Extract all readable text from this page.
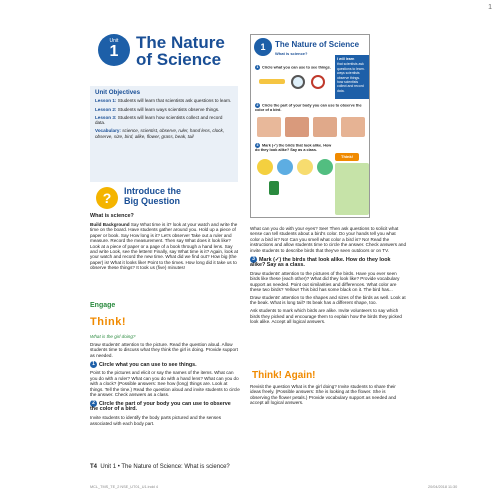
1
Unit
1	The Nature
of Science
Unit Objectives

Lesson 1: Students will learn that scientists ask questions to learn.

Lesson 2: Students will learn ways scientists observe things.

Lesson 3: Students will learn how scientists collect and record data.

Vocabulary: science, scientist, observe, ruler, hand lens, clock, observe, size, bird, alike, flower, grass, beak, tail

?	Introduce the
Big Question

What is science?

Build Background Say What time is it? look at your watch and write the time on the board. Have students gather around you. Hold up a piece of paper or book. Say How long is it? Let's observe! Take out a ruler and measure. Record the measurement. Then say What does it look like? Look at a piece of paper or a page of a book through a hand lens. Say and write Look, see the letters! Finally, say What time is it? Again, look at your watch and record the new time. What did we find out? How big (the paper) is! What it looks like! Point to the times. How long did it take us to observe these things? It took us (five) minutes!

Engage
Think!

What is the girl doing?

Draw students' attention to the picture. Read the question aloud. Allow students time to discuss what they think the girl is doing. Provide support as needed.

1 Circle what you can use to see things.

Point to the pictures and elicit or say the names of the items. What can you do with a ruler? What can you do with a hand lens? What can you do with a clock? (Possible answers: See how (long) things are. Look at things. Tell the time.) Read the question aloud and invite students to circle the answer. Check answers as a class.

2 Circle the part of your body you can use to observe the color of a bird.

Invite students to identify the body parts pictured and the senses associated with each body part.

What can you do with your eyes? See! Then ask questions to solicit what sense can tell students about a bird's color. Do your hands tell you what color a bird is? No! Can you smell what color a bird is? No! Read the instructions and allow students time to circle the answer. Check answers and invite students to describe birds that they've seen outdoors or on TV.

3 Mark (✓) the birds that look alike. How do they look alike? Say as a class.

Draw students' attention to the pictures of the birds. Have you ever seen birds like these (each other)? What did they look like? Provide vocabulary support as needed. Point out similarities and differences. What color are these two birds? Yellow! This bird has some black on it. The bird has...

Draw students' attention to the shapes and sizes of the birds as well. Look at the beak. What is long tail? Its beak has a different shape, too.

Ask students to mark which birds are alike. Invite volunteers to say which birds they picked and encourage them to explain how the birds they picked look alike. Accept all logical answers.

Think! Again!

Revisit the question What is the girl doing? Invite students to share their ideas freely. (Possible answers: She is looking at the flower. She is observing the flower petals.) Provide vocabulary support as needed and accept all logical answers.

1	The Nature of Science
What is science?
I will learn
that scientists ask questions to learn.
ways scientists observe things.
how scientists collect and record data.
1 Circle what you can use to see things.
2 Circle the part of your body you can use to observe the color of a bird.
3 Mark (✓) the birds that look alike. How do they look alike? Say as a class.
Think!
T4 Unit 1 • The Nature of Science: What is science?
MCL_TMS_TE_2 NSE_UT01_U1.indd 4	20/04/2018 11:30
